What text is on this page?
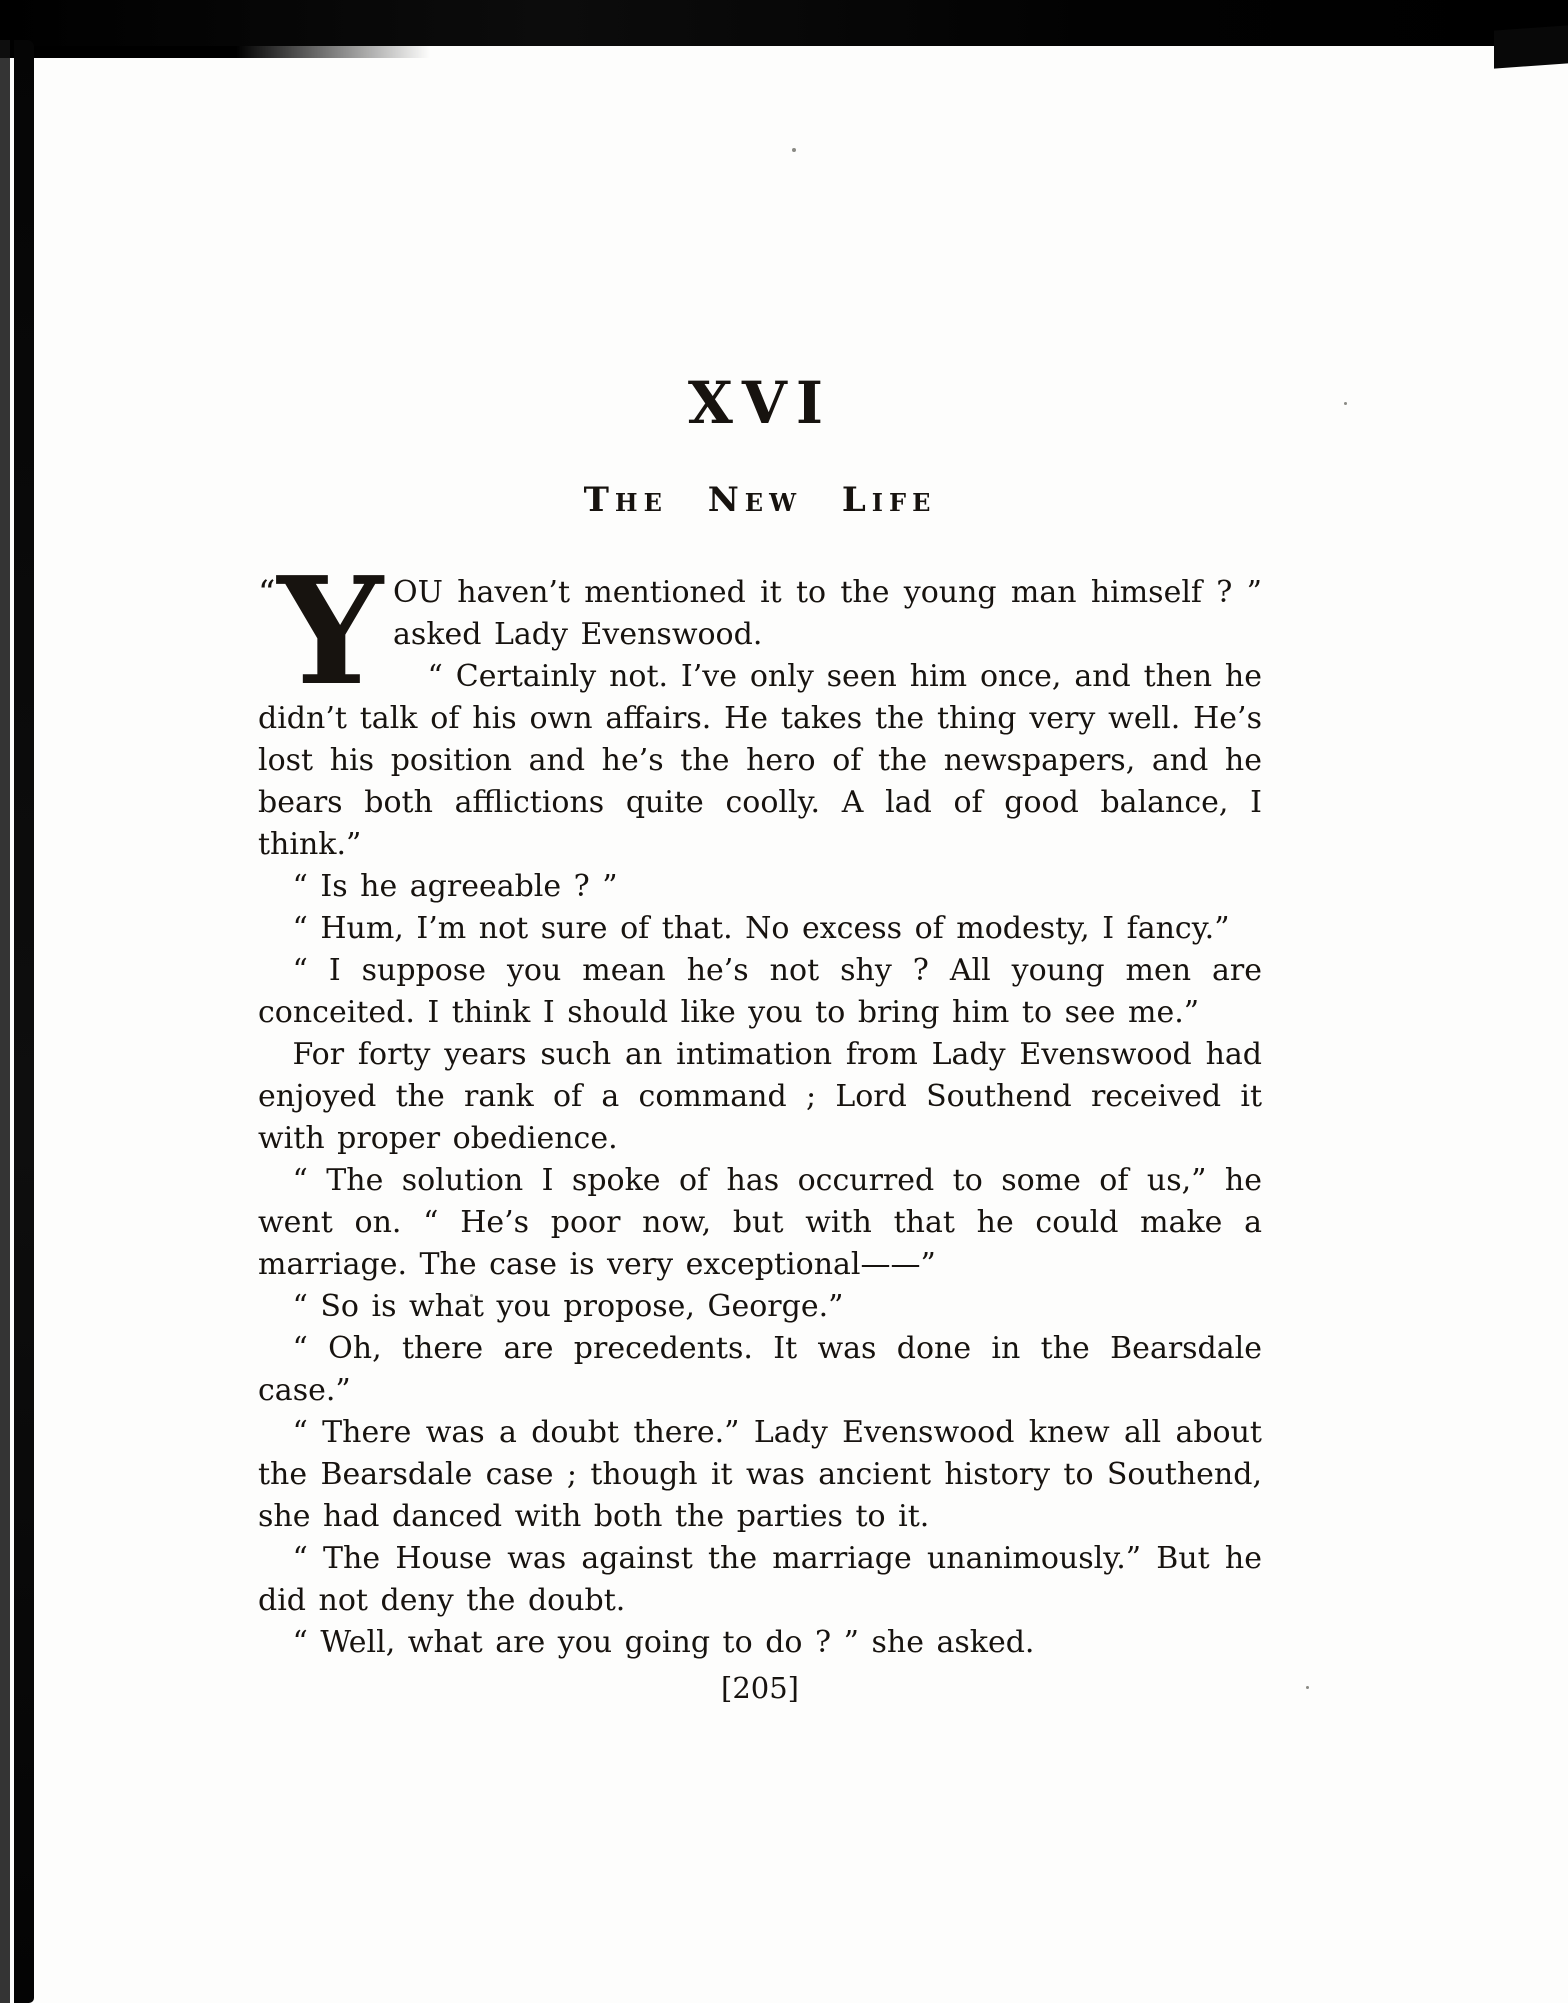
XVI
The New Life

“ Y OU haven’t mentioned it to the young man himself ? ” asked Lady Evenswood.

“ Certainly not. I’ve only seen him once, and then he didn’t talk of his own affairs. He takes the thing very well. He’s lost his position and he’s the hero of the newspapers, and he bears both afflictions quite coolly. A lad of good balance, I think.”

“ Is he agreeable ? ”

“ Hum, I’m not sure of that. No excess of modesty, I fancy.”

“ I suppose you mean he’s not shy ? All young men are conceited. I think I should like you to bring him to see me.”

For forty years such an intimation from Lady Evenswood had enjoyed the rank of a command ; Lord Southend received it with proper obedience.

“ The solution I spoke of has occurred to some of us,” he went on. “ He’s poor now, but with that he could make a marriage. The case is very exceptional——”

“ So is what you propose, George.”

“ Oh, there are precedents. It was done in the Bearsdale case.”

“ There was a doubt there.” Lady Evenswood knew all about the Bearsdale case ; though it was ancient history to Southend, she had danced with both the parties to it.

“ The House was against the marriage unanimously.” But he did not deny the doubt.

“ Well, what are you going to do ? ” she asked.

[205]
